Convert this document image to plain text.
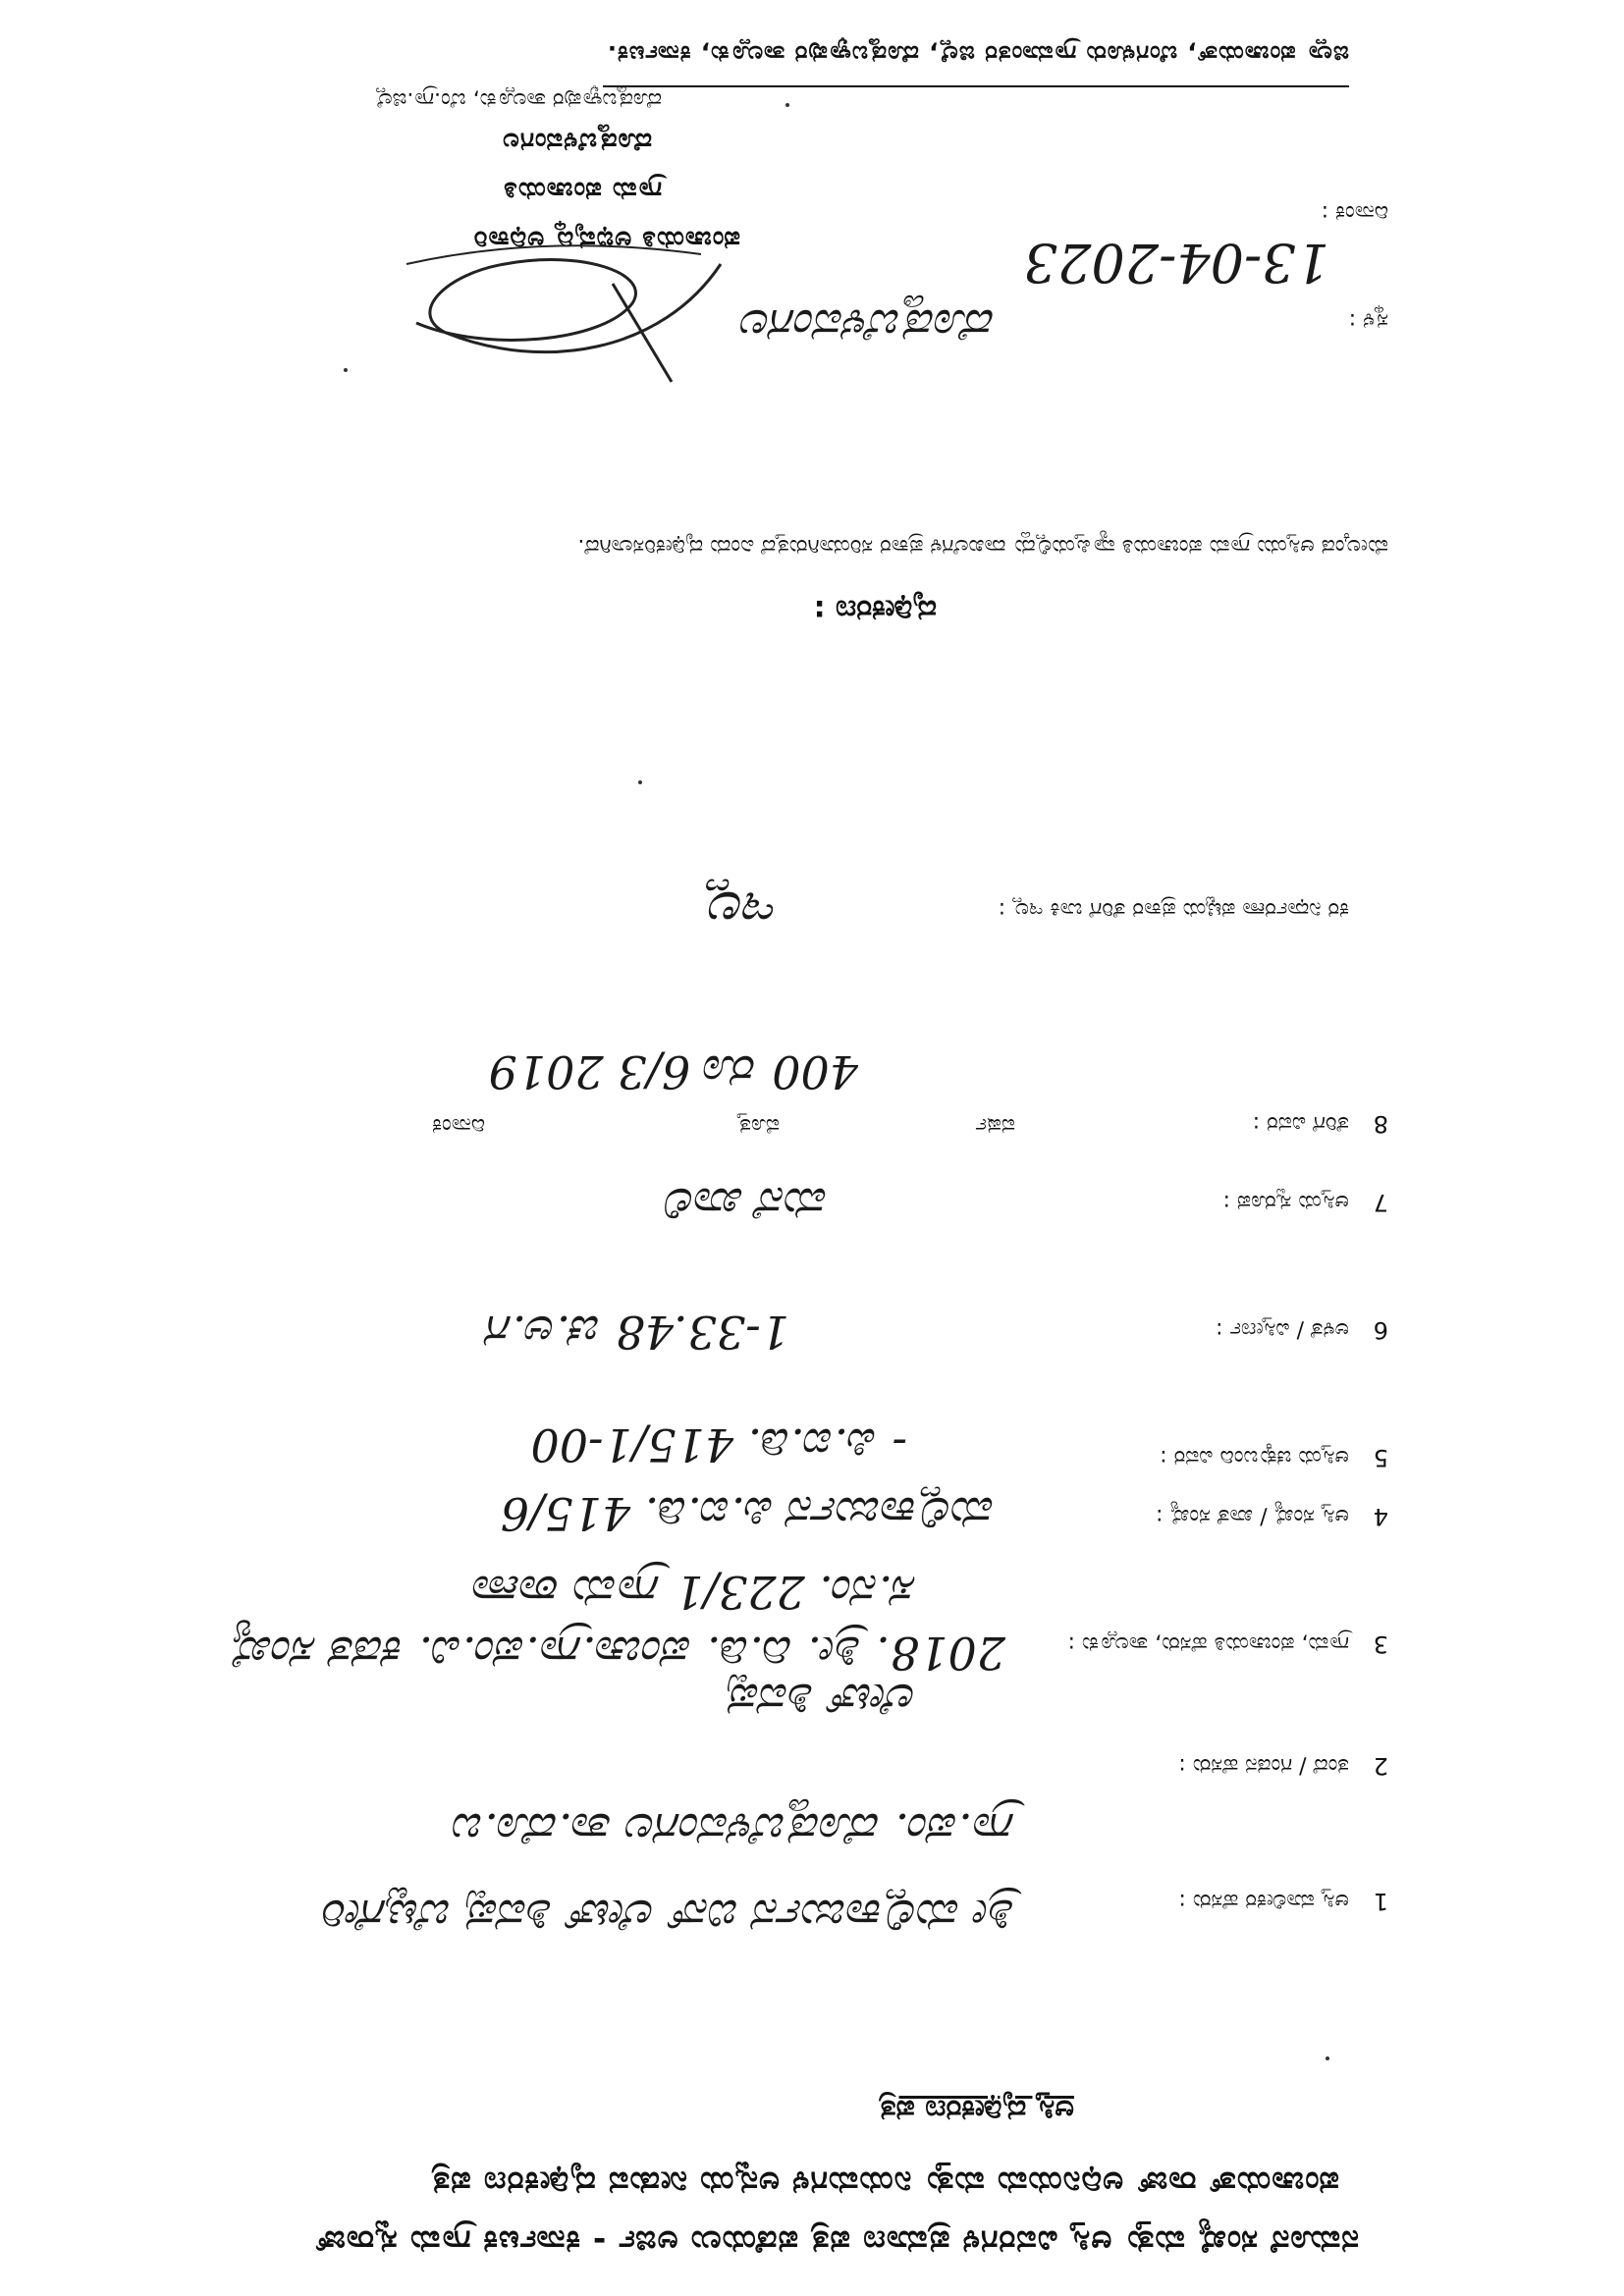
ನಮೂನೆ ಸಂಖ್ಯೆ ಮತ್ತು ಆಸ್ತಿ ವಿವರಗಳ ಪ್ರಮಾಣ ಪತ್ರ ಪಡೆಯಲು ಅರ್ಜಿ - ಕರ್ನಾಟಕ ಗ್ರಾಮ ಸ್ವರಾಜ್
ಪಂಚಾಯತ್ ರಾಜ್ ಅಧಿನಿಯಮ ಮತ್ತು ನಿಯಮಗಳ ಅನ್ವಯ ನೀಡುವ ದೃಢೀಕರಣ ಪತ್ರ
ಆಸ್ತಿ ದೃಢೀಕರಣ ಪತ್ರ
1
ಆಸ್ತಿ ಮಾಲೀಕರ ಹೆಸರು :
ಶ್ರೀ ಮಲ್ಲಿಕಾರ್ಜುನ ಬಿನ್ ಲೇಟ್ ಶಿವಪ್ಪ ಬೆಟ್ಟಗೇರಿ
ಗ್ರಾ.ಪಂ. ದೊಡ್ಡಬೆಳವಂಗಲ ತಾ.ದೊ.ಬ
2
ತಂದೆ / ಗಂಡನ ಹೆಸರು :
ಲೇಟ್ ಶಿವಪ್ಪ
3
ಗ್ರಾಮ, ಪಂಚಾಯತಿ ಹೆಸರು, ತಾಲ್ಲೂಕು :
2018. ಶ್ರೀ. ದಿ.ಡಿ. ಪಂಚಾ.ಗ್ರಾ.ಪಂ.ವಿ. ಕಡತ ಸಂಖ್ಯೆ
ಸ.ನಂ. 223/1 ಗ್ರಾಮ ಠಾಣಾ
4
ಆಸ್ತಿ ಸಂಖ್ಯೆ / ಖಾತೆ ಸಂಖ್ಯೆ :
ಮಲ್ಲಿಕಾರ್ಜುನ ಪಿ.ಐ.ಡಿ. 415/6
5
ಆಸ್ತಿಯ ಚಕ್ಕುಬಂದಿ ವಿವರ :
- ಪಿ.ಐ.ಡಿ. 415/1-00
6
ಅಳತೆ / ವಿಸ್ತೀರ್ಣ :
1-33.48 ಚ.ಅ.ಗ
7
ಆಸ್ತಿಯ ಸ್ವರೂಪ :
ಮನೆ ಖಾಲಿ
8
ತೆರಿಗೆ ವಿವರ :
ವರ್ಷ
ಮೊತ್ತ
ದಿನಾಂಕ
400 ರೂ 6/3 2019
ಕರ ನಿರ್ಧಾರಣಾ ಪಟ್ಟಿಯ ಪ್ರಕಾರ ತೆರಿಗೆ ಬಾಕಿ ಇಲ್ಲ :
ಇಲ್ಲ
ದೃಢೀಕರಣ :
ಮೇಲ್ಕಂಡ ಆಸ್ತಿಯು ಗ್ರಾಮ ಪಂಚಾಯತಿ ವ್ಯಾಪ್ತಿಯಲ್ಲಿದ್ದು ದಾಖಲೆಗಳ ಪ್ರಕಾರ ಸರಿಯಾಗಿರುತ್ತದೆ ಎಂದು ದೃಢೀಕರಿಸಲಾಗಿದೆ.
ಸ್ಥಳ :
ದಿನಾಂಕ :
13-04-2023
ದೊಡ್ಡಬೆಳವಂಗಲ
ಪಂಚಾಯತಿ ಅಭಿವೃದ್ಧಿ ಅಧಿಕಾರಿ
ಗ್ರಾಮ ಪಂಚಾಯತಿ
ದೊಡ್ಡಬೆಳವಂಗಲ
ದೊಡ್ಡಬಳ್ಳಾಪುರ ತಾಲ್ಲೂಕು, ಬೆಂ.ಗ್ರಾ.ಜಿಲ್ಲೆ
ಜಿಲ್ಲಾ ಪಂಚಾಯತ್, ಬೆಂಗಳೂರು ಗ್ರಾಮಾಂತರ ಜಿಲ್ಲೆ, ದೊಡ್ಡಬಳ್ಳಾಪುರ ತಾಲ್ಲೂಕು, ಕರ್ನಾಟಕ.
